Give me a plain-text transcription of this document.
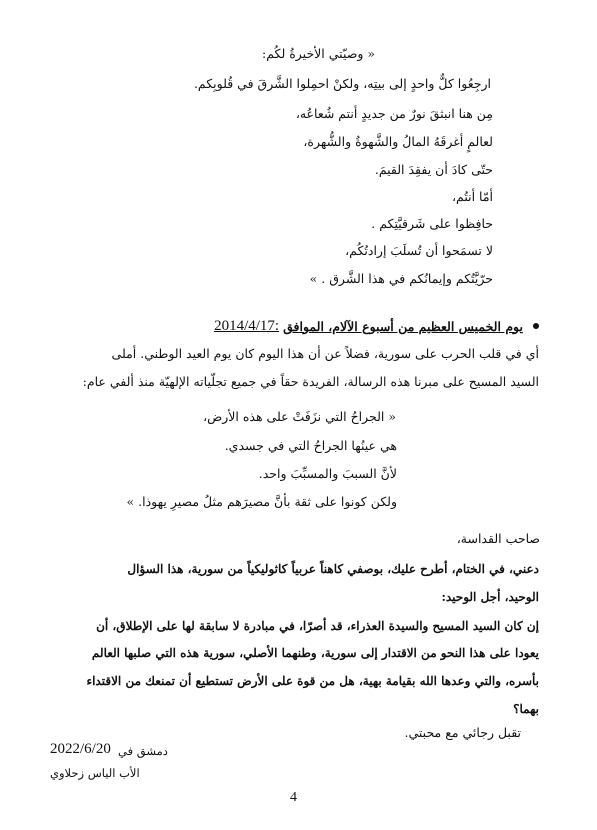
« وصيّتي الأخيرةُ لكُم:
ارجِعُوا كلٌّ واحدٍ إلى بيتِه، ولكنْ احمِلوا الشَّرقَ في قُلوبِكم.
مِن هنا انبثقَ نورٌ من جديدٍ أنتم شُعاعُه،
لعالمٍ أغرقَهُ المالُ والشَّهوةُ والشُّهرة،
حتّى كادَ أن يفقِدَ القيمَ.
أمّا أنتُم،
حافِظوا على شَرقيَّتِكم .
لا تسمَحوا أن تُسلَبَ إرادتُكُم،
حرّيَّتُكم وإيمانُكم في هذا الشَّرق . »
يوم الخميس العظيم من أسبوع الآلام، الموافق
2014/4/17:
أي في قلب الحرب على سورية، فضلاً عن أن هذا اليوم كان يوم العيد الوطني. أملى
السيد المسيح على مبرنا هذه الرسالة، الفريدة حقاً في جميع تجلّياته الإلهيّة منذ ألفي عام:
« الجراحُ التي نزَفَتْ على هذه الأرض،
هي عينُها الجراحُ التي في جسدي.
لأنَّ السببَ والمسبِّبَ واحد.
ولكن كونوا على ثقة بأنَّ مصيرَهم مثلُ مصيرِ يهوذا. »
صاحب القداسة،
دعني، في الختام، أطرح عليك، بوصفي كاهناً عربياً كاثوليكياً من سورية، هذا السؤال
الوحيد، أجل الوحيد:
إن كان السيد المسيح والسيدة العذراء، قد أصرّا، في مبادرة لا سابقة لها على الإطلاق، أن
يعودا على هذا النحو من الاقتدار إلى سورية، وطنهما الأصلي، سورية هذه التي صلبها العالم
بأسره، والتي وعدها الله بقيامة بهية، هل من قوة على الأرض تستطيع أن تمنعك من الاقتداء
بهما؟
تقبل رجائي مع محبتي.
2022/6/20 دمشق في
الأب الياس زحلاوي
4
